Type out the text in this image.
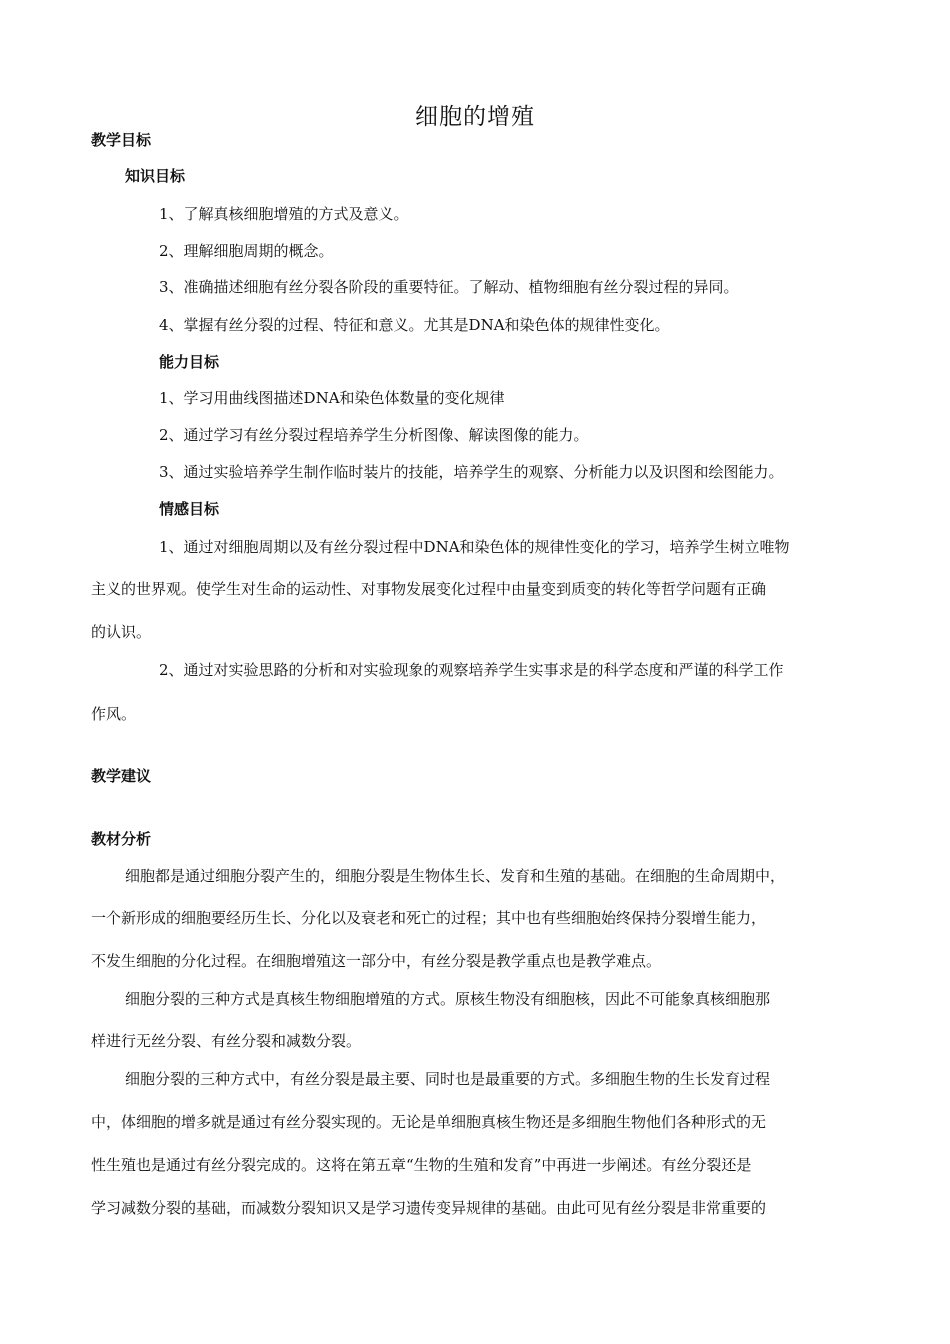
细胞的增殖
教学目标
知识目标
1、了解真核细胞增殖的方式及意义。
2、理解细胞周期的概念。
3、准确描述细胞有丝分裂各阶段的重要特征。了解动、植物细胞有丝分裂过程的异同。
4、掌握有丝分裂的过程、特征和意义。尤其是DNA和染色体的规律性变化。
能力目标
1、学习用曲线图描述DNA和染色体数量的变化规律
2、通过学习有丝分裂过程培养学生分析图像、解读图像的能力。
3、通过实验培养学生制作临时装片的技能，培养学生的观察、分析能力以及识图和绘图能力。
情感目标
1、通过对细胞周期以及有丝分裂过程中DNA和染色体的规律性变化的学习，培养学生树立唯物
主义的世界观。使学生对生命的运动性、对事物发展变化过程中由量变到质变的转化等哲学问题有正确
的认识。
2、通过对实验思路的分析和对实验现象的观察培养学生实事求是的科学态度和严谨的科学工作
作风。
教学建议
教材分析
细胞都是通过细胞分裂产生的，细胞分裂是生物体生长、发育和生殖的基础。在细胞的生命周期中，
一个新形成的细胞要经历生长、分化以及衰老和死亡的过程；其中也有些细胞始终保持分裂增生能力，
不发生细胞的分化过程。在细胞增殖这一部分中，有丝分裂是教学重点也是教学难点。
细胞分裂的三种方式是真核生物细胞增殖的方式。原核生物没有细胞核，因此不可能象真核细胞那
样进行无丝分裂、有丝分裂和减数分裂。
细胞分裂的三种方式中，有丝分裂是最主要、同时也是最重要的方式。多细胞生物的生长发育过程
中，体细胞的增多就是通过有丝分裂实现的。无论是单细胞真核生物还是多细胞生物他们各种形式的无
性生殖也是通过有丝分裂完成的。这将在第五章“生物的生殖和发育”中再进一步阐述。有丝分裂还是
学习减数分裂的基础，而减数分裂知识又是学习遗传变异规律的基础。由此可见有丝分裂是非常重要的
